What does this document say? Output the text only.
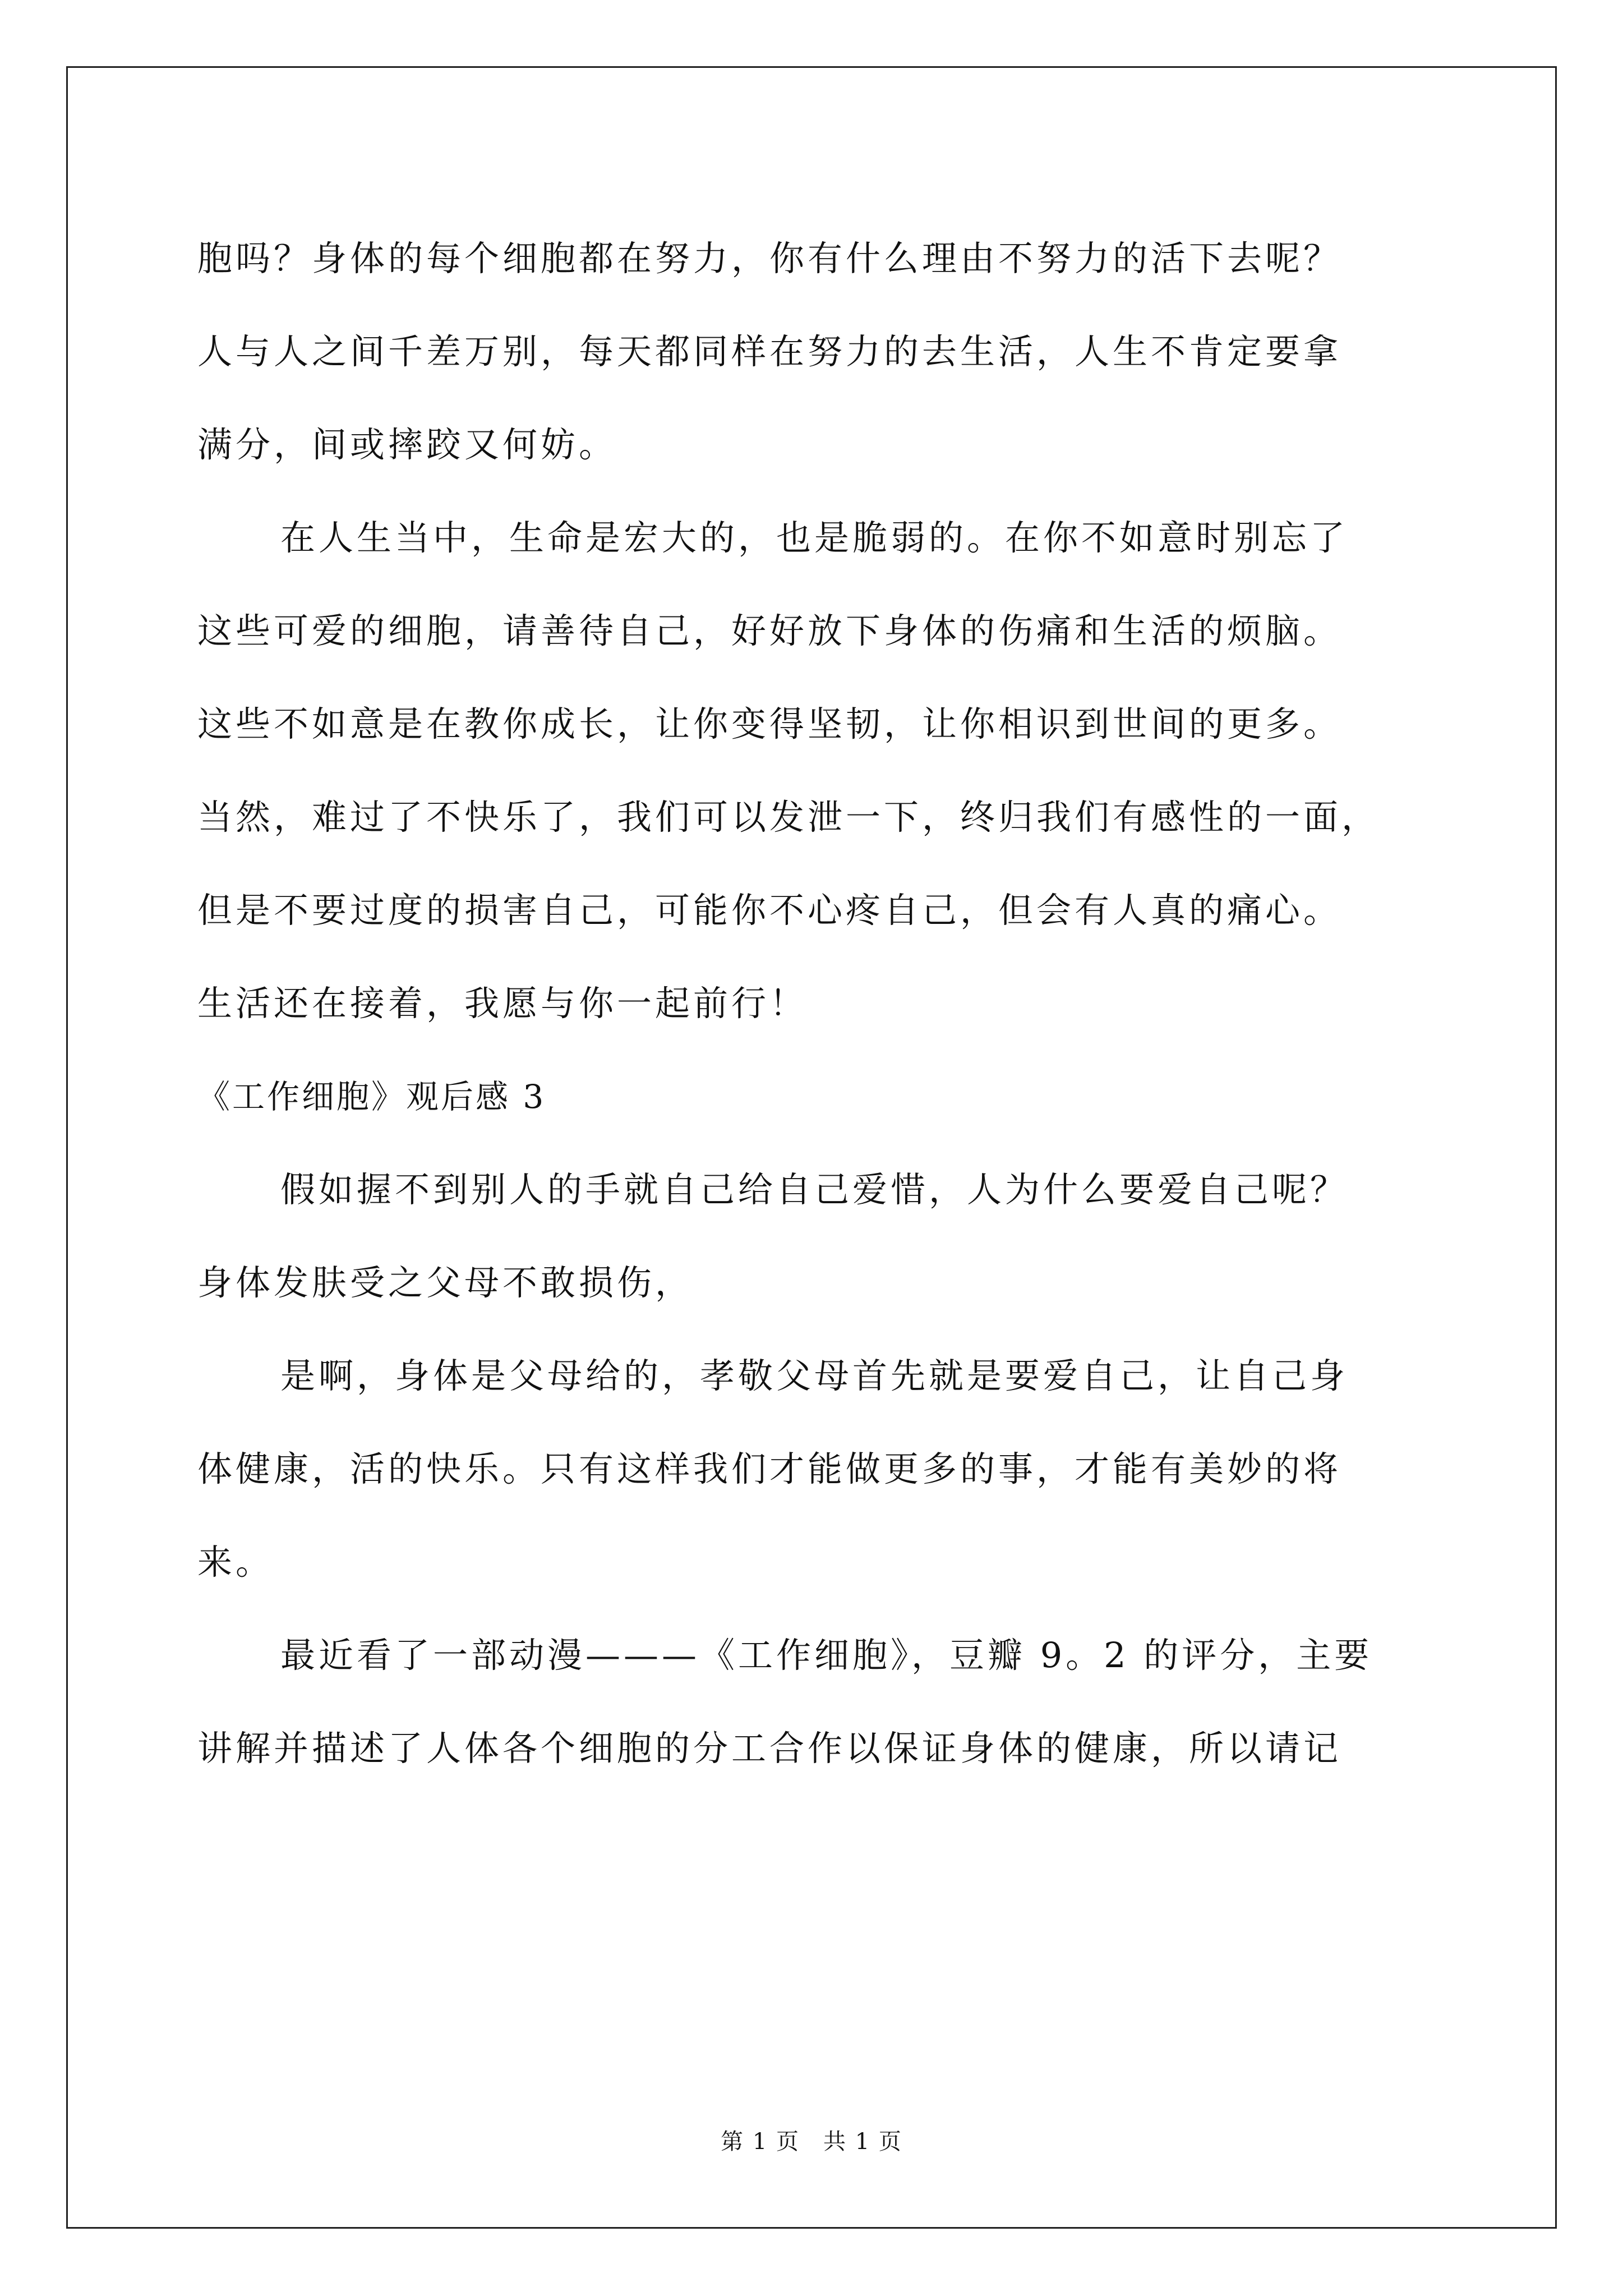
胞吗？身体的每个细胞都在努力，你有什么理由不努力的活下去呢？
人与人之间千差万别，每天都同样在努力的去生活，人生不肯定要拿
满分，间或摔跤又何妨。
在人生当中，生命是宏大的，也是脆弱的。在你不如意时别忘了
这些可爱的细胞，请善待自己，好好放下身体的伤痛和生活的烦脑。
这些不如意是在教你成长，让你变得坚韧，让你相识到世间的更多。
当然，难过了不快乐了，我们可以发泄一下，终归我们有感性的一面，
但是不要过度的损害自己，可能你不心疼自己，但会有人真的痛心。
生活还在接着，我愿与你一起前行！
《工作细胞》观后感 3
假如握不到别人的手就自己给自己爱惜，人为什么要爱自己呢？
身体发肤受之父母不敢损伤，
是啊，身体是父母给的，孝敬父母首先就是要爱自己，让自己身
体健康，活的快乐。只有这样我们才能做更多的事，才能有美妙的将
来。
最近看了一部动漫———《工作细胞》，豆瓣 9。2 的评分，主要
讲解并描述了人体各个细胞的分工合作以保证身体的健康，所以请记
第 1 页　共 1 页
